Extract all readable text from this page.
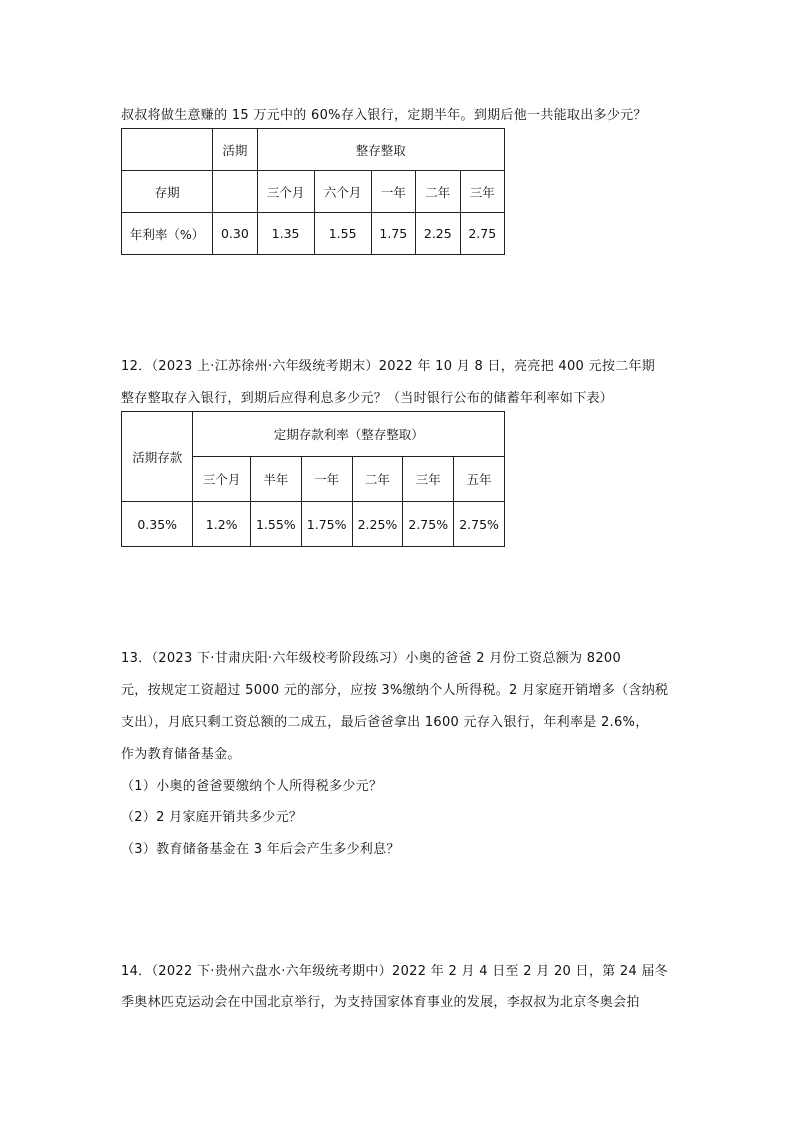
叔叔将做生意赚的 15 万元中的 60%存入银行，定期半年。到期后他一共能取出多少元？
	活期	整存整取				
存期		三个月	六个月	一年	二年	三年
年利率（%）	0.30	1.35	1.55	1.75	2.25	2.75
12．（2023 上·江苏徐州·六年级统考期末）2022 年 10 月 8 日，亮亮把 400 元按二年期
整存整取存入银行，到期后应得利息多少元？（当时银行公布的储蓄年利率如下表）
活期存款	定期存款利率（整存整取）					
	三个月	半年	一年	二年	三年	五年
0.35%	1.2%	1.55%	1.75%	2.25%	2.75%	2.75%
13．（2023 下·甘肃庆阳·六年级校考阶段练习）小奥的爸爸 2 月份工资总额为 8200
元，按规定工资超过 5000 元的部分，应按 3%缴纳个人所得税。2 月家庭开销增多（含纳税
支出），月底只剩工资总额的二成五，最后爸爸拿出 1600 元存入银行，年利率是 2.6%，
作为教育储备基金。
（1）小奥的爸爸要缴纳个人所得税多少元？
（2）2 月家庭开销共多少元？
（3）教育储备基金在 3 年后会产生多少利息？
14．（2022 下·贵州六盘水·六年级统考期中）2022 年 2 月 4 日至 2 月 20 日，第 24 届冬
季奥林匹克运动会在中国北京举行，为支持国家体育事业的发展，李叔叔为北京冬奥会拍
